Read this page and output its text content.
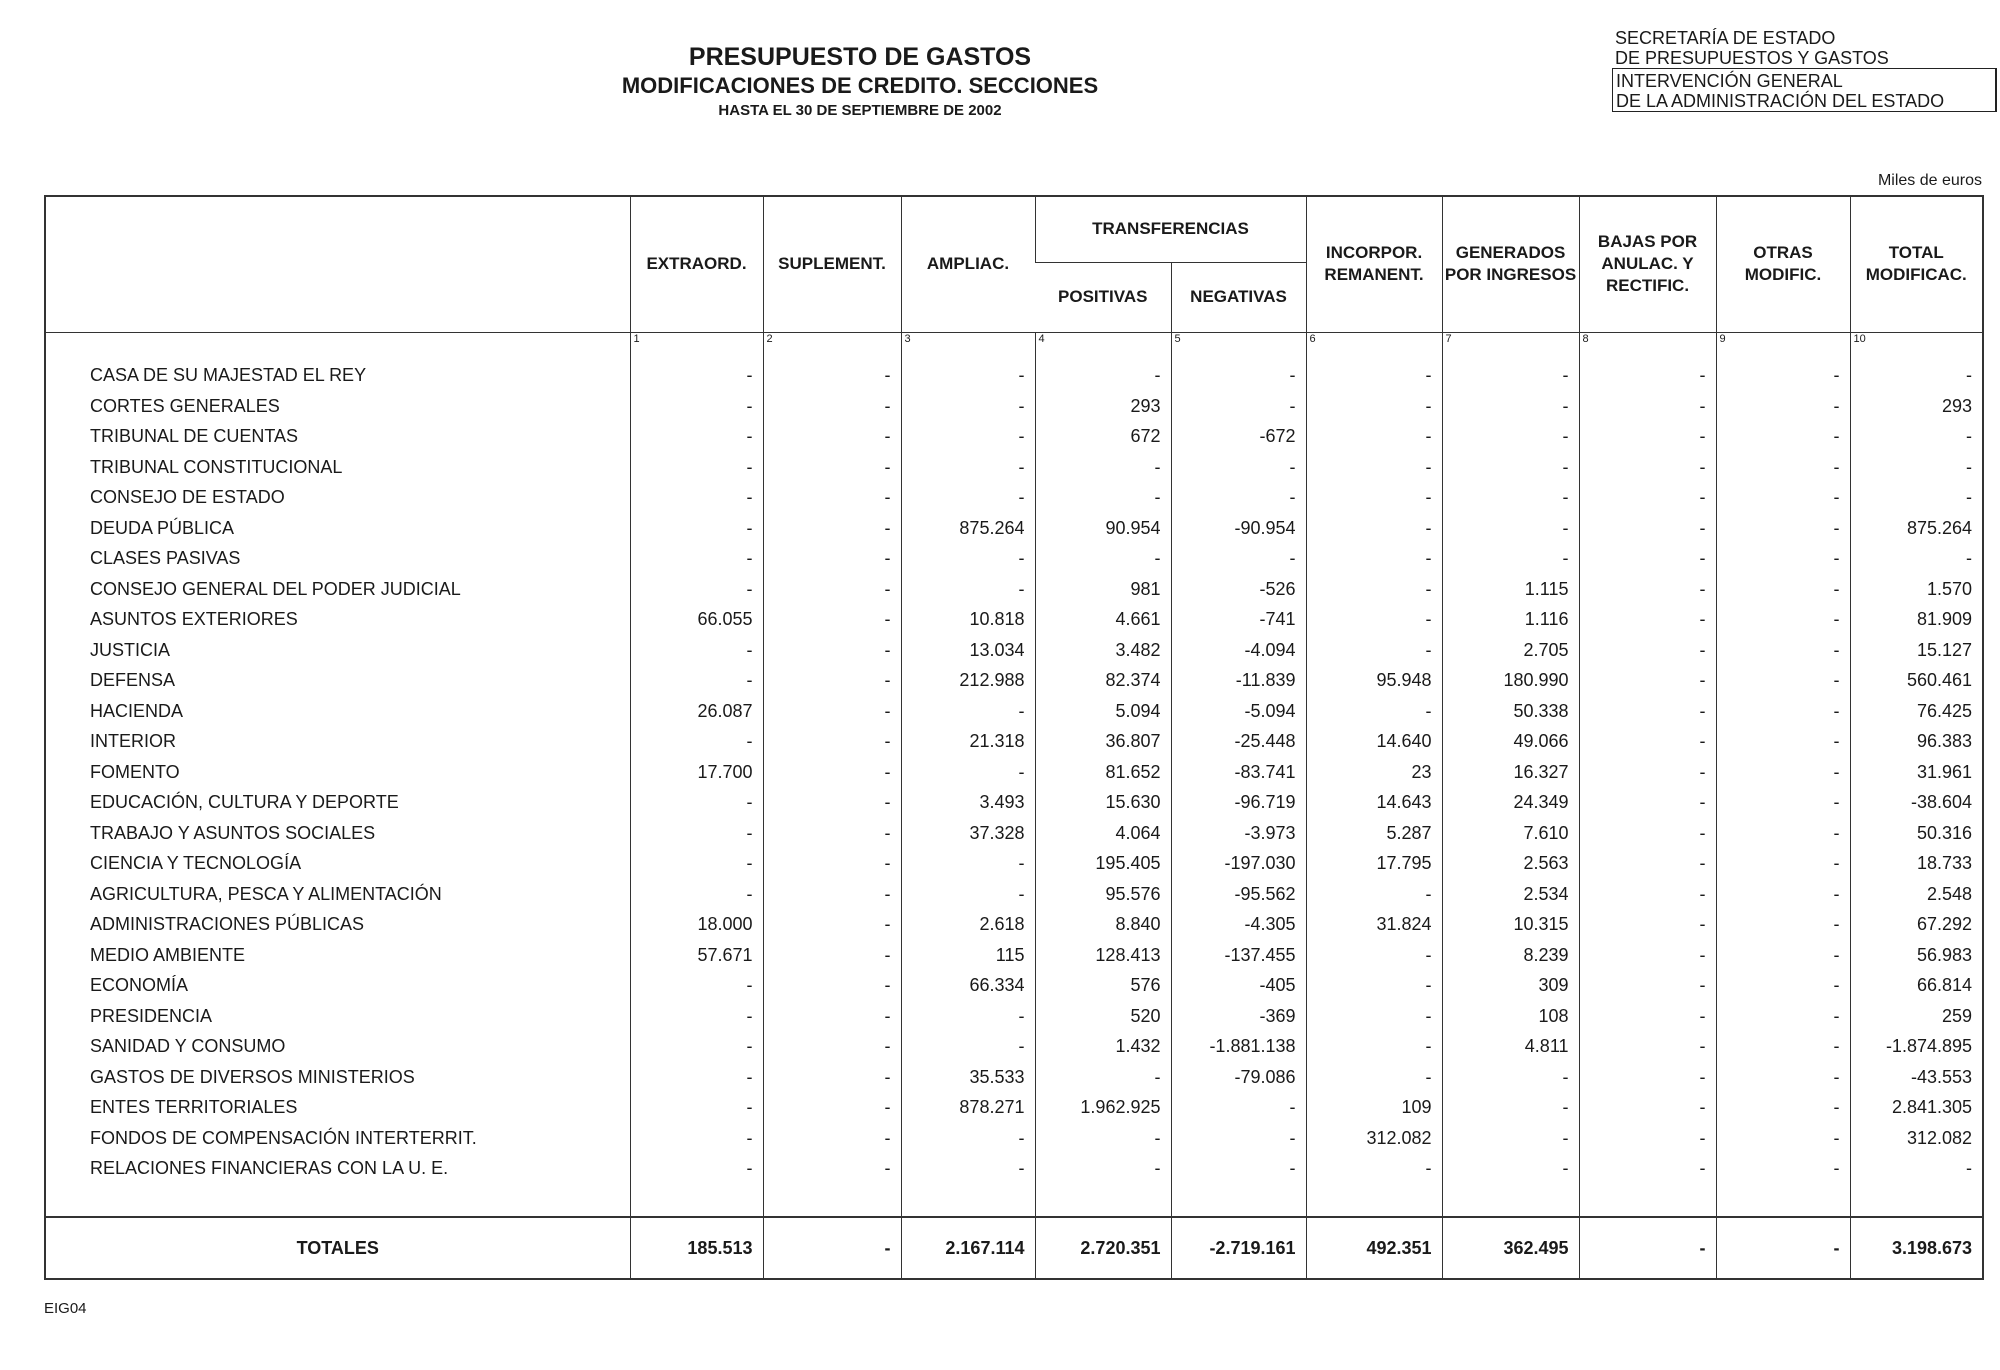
PRESUPUESTO DE GASTOS
MODIFICACIONES DE CREDITO. SECCIONES
HASTA EL 30 DE SEPTIEMBRE DE 2002
SECRETARÍA DE ESTADO
DE PRESUPUESTOS Y GASTOS
INTERVENCIÓN GENERAL
DE LA ADMINISTRACIÓN DEL ESTADO
Miles de euros
	EXTRAORD.	SUPLEMENT.	AMPLIAC.	TRANSFERENCIAS		INCORPOR. REMANENT.	GENERADOS POR INGRESOS	BAJAS POR ANULAC. Y RECTIFIC.	OTRAS MODIFIC.	TOTAL MODIFICAC.
				POSITIVAS	NEGATIVAS					
	1	2	3	4	5	6	7	8	9	10
CASA DE SU MAJESTAD EL REY	-	-	-	-	-	-	-	-	-	-
CORTES GENERALES	-	-	-	293	-	-	-	-	-	293
TRIBUNAL DE CUENTAS	-	-	-	672	-672	-	-	-	-	-
TRIBUNAL CONSTITUCIONAL	-	-	-	-	-	-	-	-	-	-
CONSEJO DE ESTADO	-	-	-	-	-	-	-	-	-	-
DEUDA PÚBLICA	-	-	875.264	90.954	-90.954	-	-	-	-	875.264
CLASES PASIVAS	-	-	-	-	-	-	-	-	-	-
CONSEJO GENERAL DEL PODER JUDICIAL	-	-	-	981	-526	-	1.115	-	-	1.570
ASUNTOS EXTERIORES	66.055	-	10.818	4.661	-741	-	1.116	-	-	81.909
JUSTICIA	-	-	13.034	3.482	-4.094	-	2.705	-	-	15.127
DEFENSA	-	-	212.988	82.374	-11.839	95.948	180.990	-	-	560.461
HACIENDA	26.087	-	-	5.094	-5.094	-	50.338	-	-	76.425
INTERIOR	-	-	21.318	36.807	-25.448	14.640	49.066	-	-	96.383
FOMENTO	17.700	-	-	81.652	-83.741	23	16.327	-	-	31.961
EDUCACIÓN, CULTURA Y DEPORTE	-	-	3.493	15.630	-96.719	14.643	24.349	-	-	-38.604
TRABAJO Y ASUNTOS SOCIALES	-	-	37.328	4.064	-3.973	5.287	7.610	-	-	50.316
CIENCIA Y TECNOLOGÍA	-	-	-	195.405	-197.030	17.795	2.563	-	-	18.733
AGRICULTURA, PESCA Y ALIMENTACIÓN	-	-	-	95.576	-95.562	-	2.534	-	-	2.548
ADMINISTRACIONES PÚBLICAS	18.000	-	2.618	8.840	-4.305	31.824	10.315	-	-	67.292
MEDIO AMBIENTE	57.671	-	115	128.413	-137.455	-	8.239	-	-	56.983
ECONOMÍA	-	-	66.334	576	-405	-	309	-	-	66.814
PRESIDENCIA	-	-	-	520	-369	-	108	-	-	259
SANIDAD Y CONSUMO	-	-	-	1.432	-1.881.138	-	4.811	-	-	-1.874.895
GASTOS DE DIVERSOS MINISTERIOS	-	-	35.533	-	-79.086	-	-	-	-	-43.553
ENTES TERRITORIALES	-	-	878.271	1.962.925	-	109	-	-	-	2.841.305
FONDOS DE COMPENSACIÓN INTERTERRIT.	-	-	-	-	-	312.082	-	-	-	312.082
RELACIONES FINANCIERAS CON LA U. E.	-	-	-	-	-	-	-	-	-	-

TOTALES	185.513	-	2.167.114	2.720.351	-2.719.161	492.351	362.495	-	-	3.198.673
EIG04
